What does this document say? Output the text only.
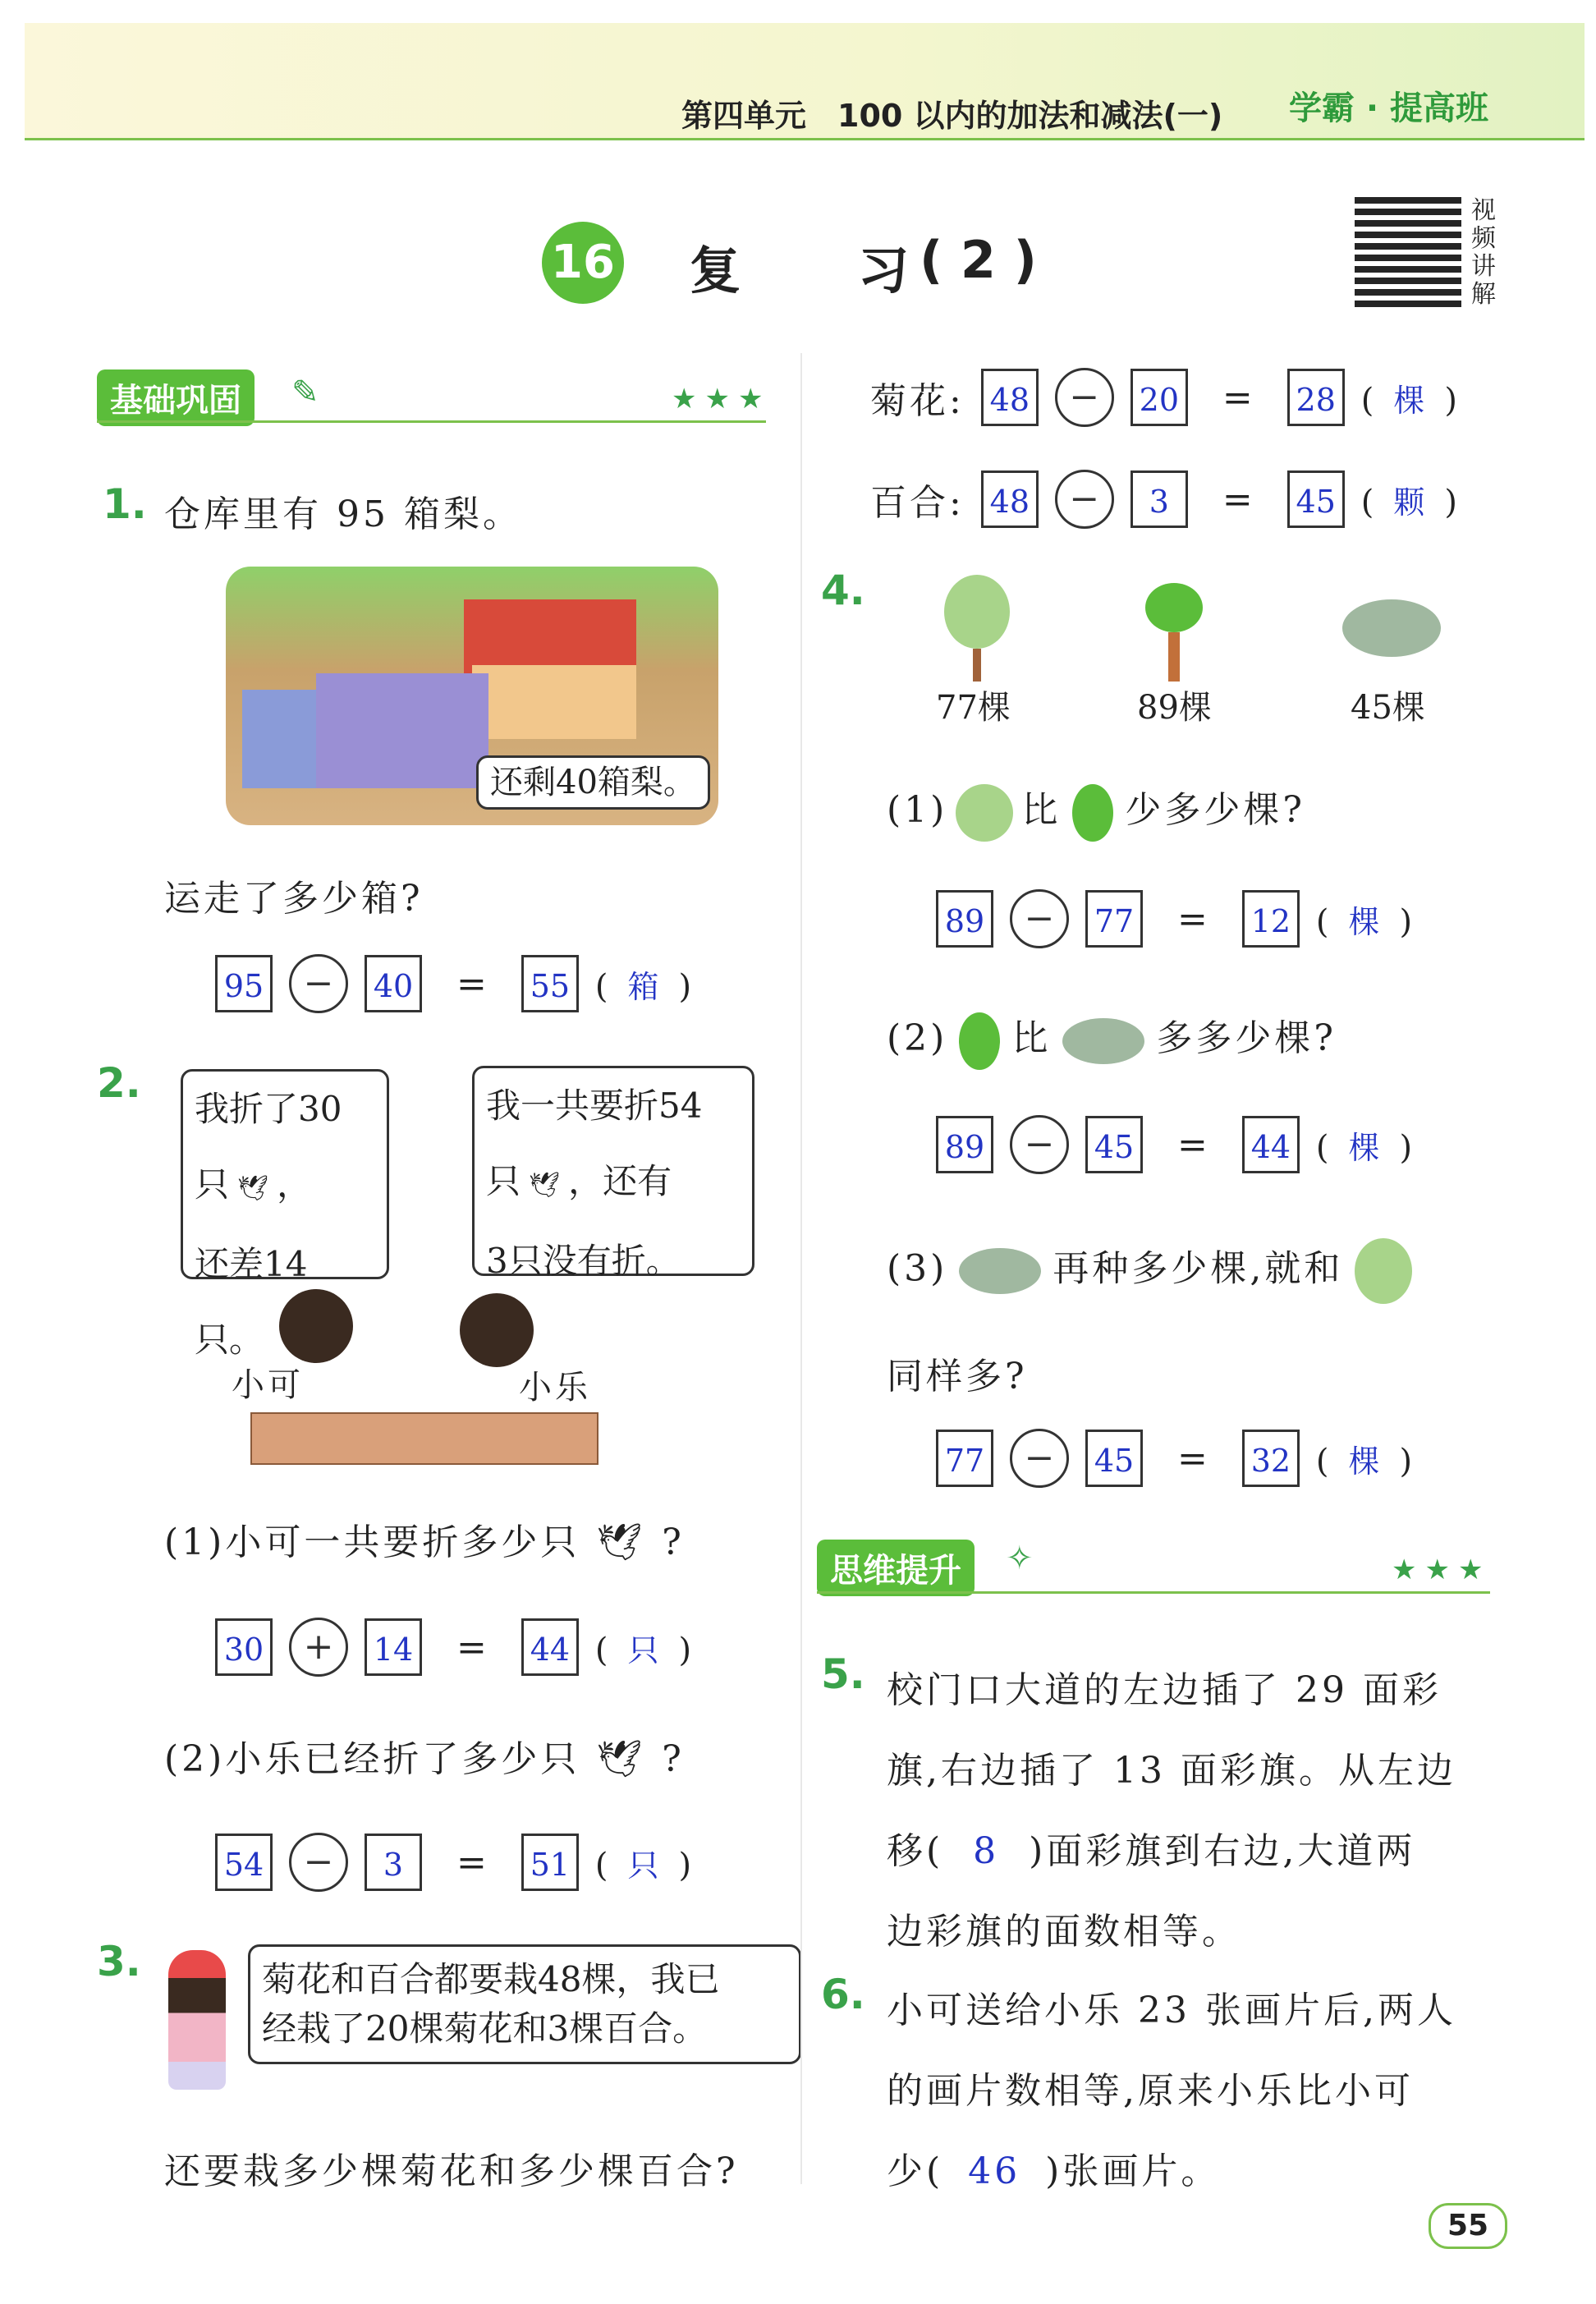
第四单元　100 以内的加法和减法(一) 学霸 · 提高班
16 复 习 ( 2 )
视频讲解
基础巩固	✎	★★★
1. 仓库里有 95 箱梨。
还剩40箱梨。
运走了多少箱?
95	−	40 = 55 ( 箱 )
2.
我折了30
只 🕊 ，
还差14只。
我一共要折54
只 🕊 ，还有
3只没有折。
小可	小乐
(1)小可一共要折多少只 🕊 ?
30	+	14 = 44 ( 只 )
(2)小乐已经折了多少只 🕊 ?
54	−	3	= 51 ( 只 )
3.	菊花和百合都要栽48棵，我已
经栽了20棵菊花和3棵百合。
还要栽多少棵菊花和多少棵百合?
菊花: 48	−	20 = 28 ( 棵 )
百合: 48	−	3	= 45 ( 颗 )
4.
77棵	89棵	45棵
(1) 比 少多少棵?
89	−	77 = 12 ( 棵 )
(2) 比	多多少棵?
89	−	45 = 44 ( 棵 )
(3)	再种多少棵,就和
同样多?
77	−	45 = 32 ( 棵 )
思维提升	✧	★★★
5. 校门口大道的左边插了 29 面彩
旗,右边插了 13 面彩旗。从左边
移( 8 )面彩旗到右边,大道两
边彩旗的面数相等。
6. 小可送给小乐 23 张画片后,两人
的画片数相等,原来小乐比小可
少( 46 )张画片。
55
